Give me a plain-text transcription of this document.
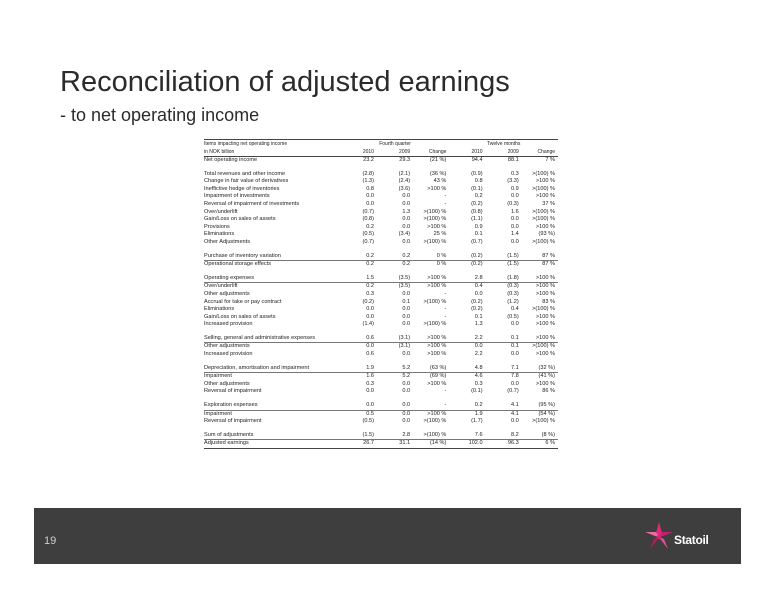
Reconciliation of adjusted earnings
- to net operating income
Items impacting net operating income		Fourth quarter			Twelve months	
in NOK billion	2010	2009	Change	2010	2009	Change
Net operating income	23.2	29.3	(21 %)	94.4	88.1	7 %

Total revenues and other income	(2.8)	(2.1)	(36 %)	(0.9)	0.3	>(100) %
Change in fair value of derivatives	(1.3)	(2.4)	43 %	0.8	(3.3)	>100 %
Ineffictive hedge of inventories	0.8	(3.6)	>100 %	(0.1)	0.9	>(100) %
Impairment of investments	0.0	0.0	-	0.2	0.0	>100 %
Reversal of impairment of investments	0.0	0.0	-	(0.2)	(0.3)	37 %
Over/underlift	(0.7)	1.3	>(100) %	(0.8)	1.6	>(100) %
Gain/Loss on sales of assets	(0.8)	0.0	>(100) %	(1.1)	0.0	>(100) %
Provisions	0.2	0.0	>100 %	0.9	0.0	>100 %
Eliminations	(0.5)	(3.4)	25 %	0.1	1.4	(93 %)
Other Adjustments	(0.7)	0.0	>(100) %	(0.7)	0.0	>(100) %

Purchase of inventory variation	0.2	0.2	0 %	(0.2)	(1.5)	87 %
Operational storage effects	0.2	0.2	0 %	(0.2)	(1.5)	87 %

Operating expenses	1.5	(3.5)	>100 %	2.8	(1.8)	>100 %
Over/underlift	0.2	(3.5)	>100 %	0.4	(0.3)	>100 %
Other adjustments	0.3	0.0	-	0.0	(0.3)	>100 %
Accrual for take or pay contract	(0.2)	0.1	>(100) %	(0.2)	(1.2)	83 %
Eliminations	0.0	0.0	-	(0.2)	0.4	>(100) %
Gain/Loss on sales of assets	0.0	0.0	-	0.1	(0.5)	>100 %
Increased provision	(1.4)	0.0	>(100) %	1.3	0.0	>100 %

Selling, general and administrative expenses	0.6	(3.1)	>100 %	2.2	0.1	>100 %
Other adjustments	0.0	(3.1)	>100 %	0.0	0.1	>(100) %
Increased provision	0.6	0.0	>100 %	2.2	0.0	>100 %

Depreciation, amortisation and impairment	1.9	5.2	(63 %)	4.8	7.1	(32 %)
Impairment	1.6	5.2	(69 %)	4.6	7.8	(41 %)
Other adjustments	0.3	0.0	>100 %	0.3	0.0	>100 %
Reversal of impairment	0.0	0.0	-	(0.1)	(0.7)	86 %

Exploration expenses	0.0	0.0	-	0.2	4.1	(95 %)
Impairment	0.5	0.0	>100 %	1.9	4.1	(54 %)
Reversal of impairment	(0.5)	0.0	>(100) %	(1.7)	0.0	>(100) %

Sum of adjustments	(1.5)	2.8	>(100) %	7.6	8.2	(8 %)
Adjusted earnings	26.7	31.1	(14 %)	102.0	96.3	6 %
19	Statoil
